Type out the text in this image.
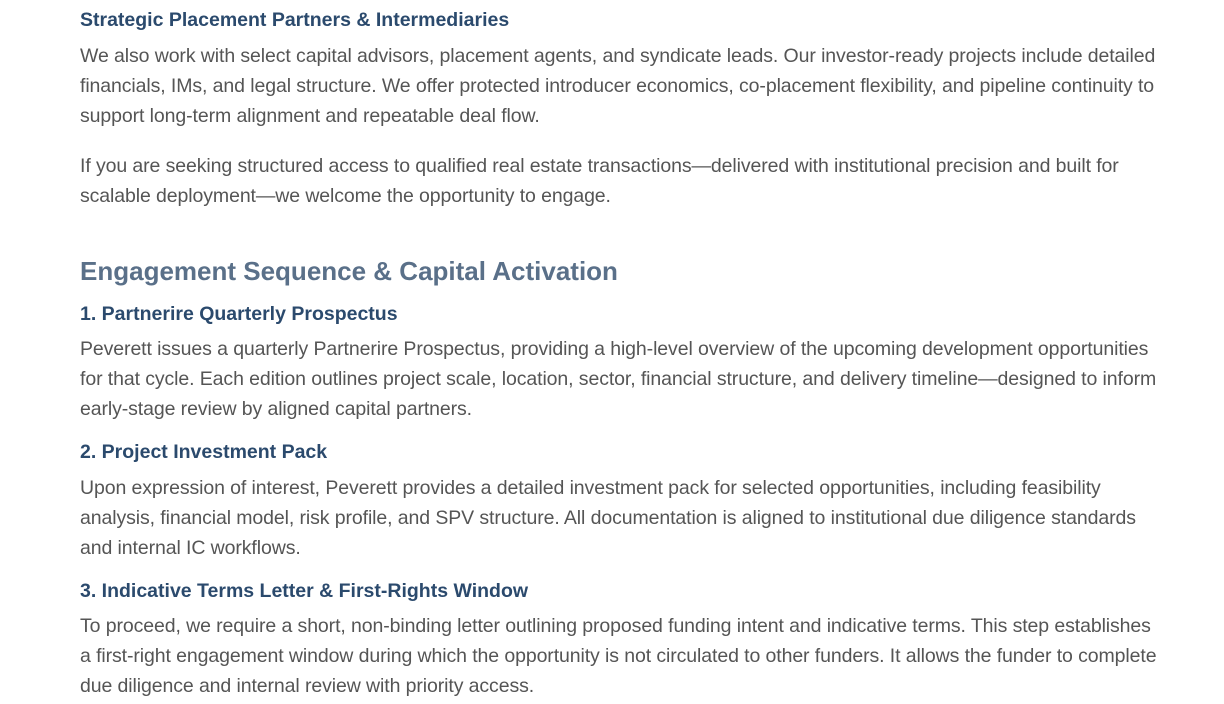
Strategic Placement Partners & Intermediaries

We also work with select capital advisors, placement agents, and syndicate leads. Our investor-ready projects include detailed financials, IMs, and legal structure. We offer protected introducer economics, co-placement flexibility, and pipeline continuity to support long-term alignment and repeatable deal flow.

If you are seeking structured access to qualified real estate transactions—delivered with institutional precision and built for scalable deployment—we welcome the opportunity to engage.

Engagement Sequence & Capital Activation
1. Partnerire Quarterly Prospectus

Peverett issues a quarterly Partnerire Prospectus, providing a high-level overview of the upcoming development opportunities for that cycle. Each edition outlines project scale, location, sector, financial structure, and delivery timeline—designed to inform early-stage review by aligned capital partners.

2. Project Investment Pack

Upon expression of interest, Peverett provides a detailed investment pack for selected opportunities, including feasibility analysis, financial model, risk profile, and SPV structure. All documentation is aligned to institutional due diligence standards and internal IC workflows.

3. Indicative Terms Letter & First-Rights Window

To proceed, we require a short, non-binding letter outlining proposed funding intent and indicative terms. This step establishes a first-right engagement window during which the opportunity is not circulated to other funders. It allows the funder to complete due diligence and internal review with priority access.
